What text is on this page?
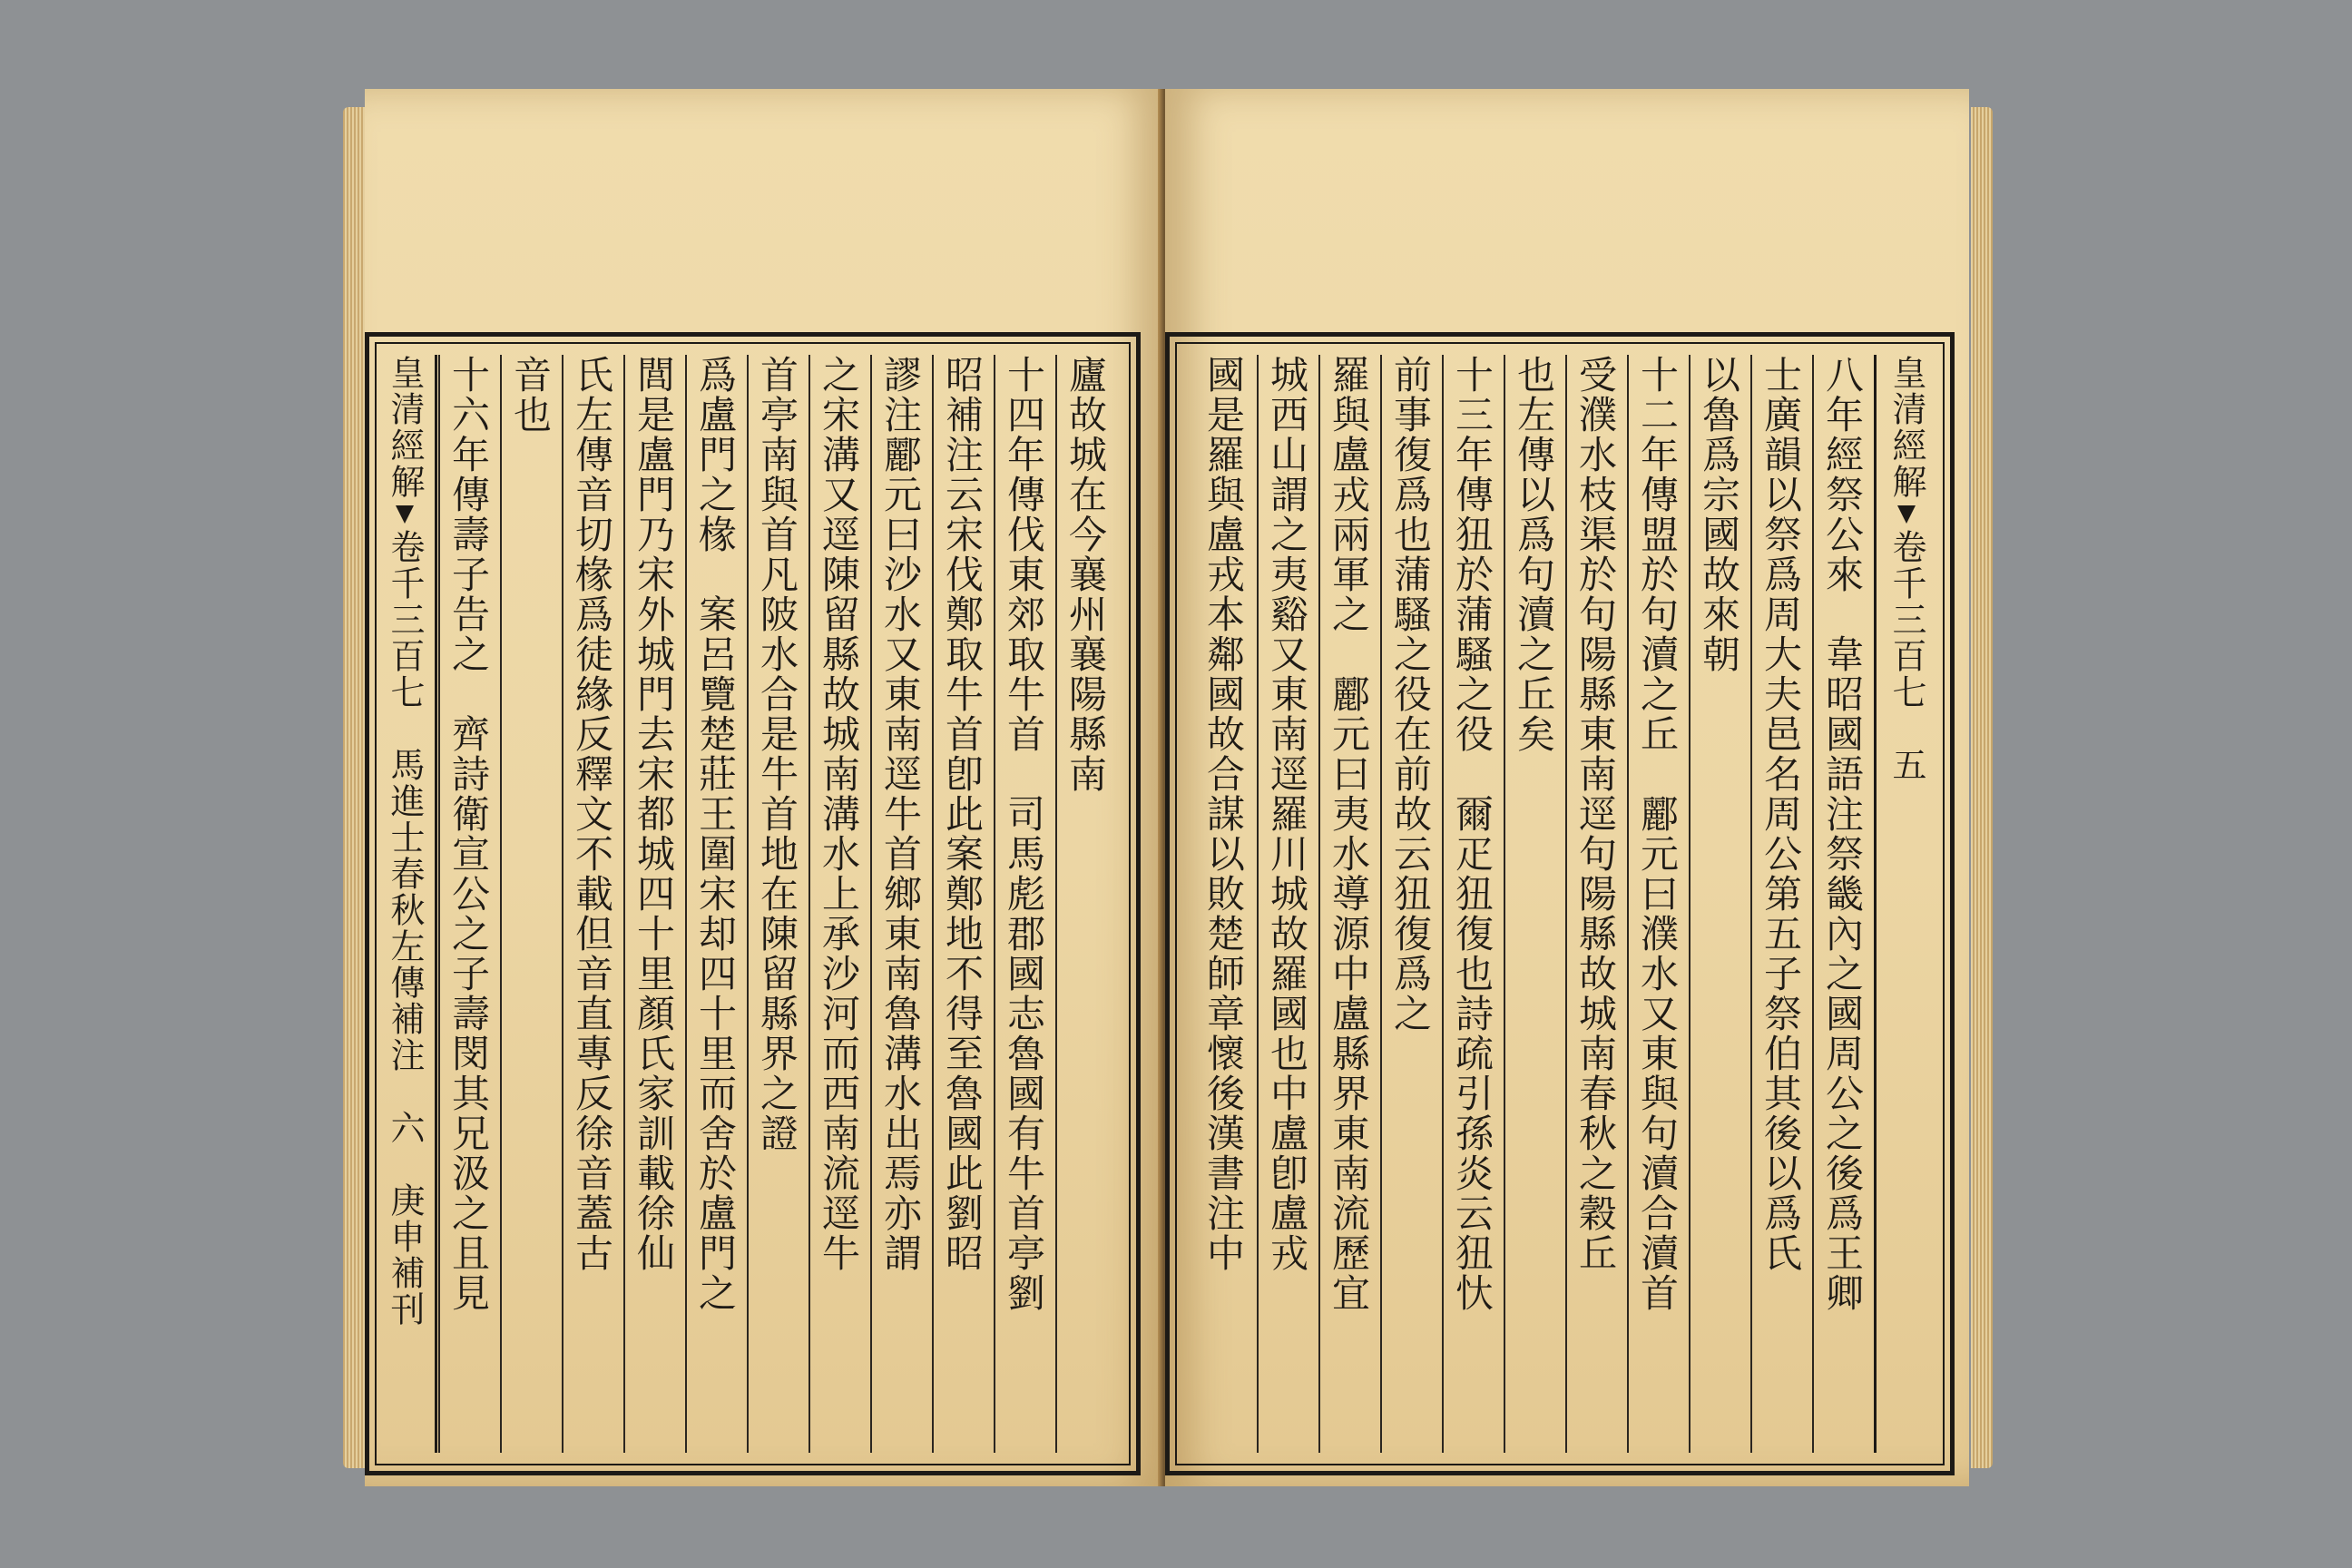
皇清經解卷千三百七　馬進士春秋左傳補注　六　庚申補刊 十六年傳壽子告之　齊詩衛宣公之子壽閔其兄汲之且見 音也 氏左傳音切椽爲徒緣反釋文不載但音直專反徐音蓋古 閭是盧門乃宋外城門去宋都城四十里顏氏家訓載徐仙 爲盧門之椽　案呂覽楚莊王圍宋却四十里而舍於盧門之 首亭南與首凡陂水合是牛首地在陳留縣界之證 之宋溝又逕陳留縣故城南溝水上承沙河而西南流逕牛 謬注酈元曰沙水又東南逕牛首鄉東南魯溝水出焉亦謂 昭補注云宋伐鄭取牛首卽此案鄭地不得至魯國此劉昭 十四年傳伐東郊取牛首　司馬彪郡國志魯國有牛首亭劉 廬故城在今襄州襄陽縣南 國是羅與盧戎本鄰國故合謀以敗楚師章懷後漢書注中 城西山謂之夷谿又東南逕羅川城故羅國也中盧卽盧戎 羅與盧戎兩軍之　酈元曰夷水導源中盧縣界東南流歷宜 前事復爲也蒲騷之役在前故云狃復爲之 十三年傳狃於蒲騷之役　爾疋狃復也詩疏引孫炎云狃忕 也左傳以爲句瀆之丘矣 受濮水枝渠於句陽縣東南逕句陽縣故城南春秋之穀丘 十二年傳盟於句瀆之丘　酈元曰濮水又東與句瀆合瀆首 以魯爲宗國故來朝 士廣韻以祭爲周大夫邑名周公第五子祭伯其後以爲氏 八年經祭公來　韋昭國語注祭畿內之國周公之後爲王卿 皇清經解卷千三百七　五
